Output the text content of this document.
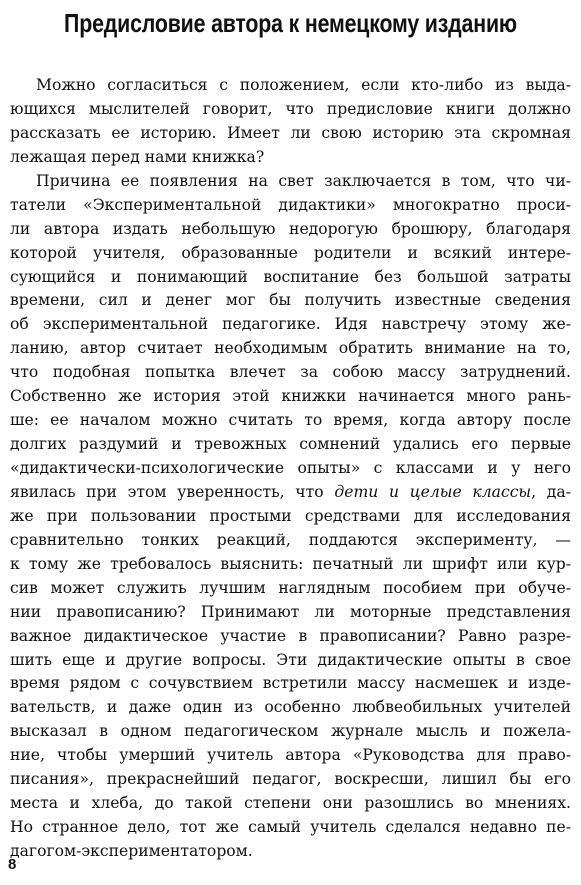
Предисловие автора к немецкому изданию
Можно согласиться с положением, если кто-либо из выда-
ющихся мыслителей говорит, что предисловие книги должно
рассказать ее историю. Имеет ли свою историю эта скромная
лежащая перед нами книжка?
Причина ее появления на свет заключается в том, что чи-
татели «Экспериментальной дидактики» многократно проси-
ли автора издать небольшую недорогую брошюру, благодаря
которой учителя, образованные родители и всякий интере-
сующийся и понимающий воспитание без большой затраты
времени, сил и денег мог бы получить известные сведения
об экспериментальной педагогике. Идя навстречу этому же-
ланию, автор считает необходимым обратить внимание на то,
что подобная попытка влечет за собою массу затруднений.
Собственно же история этой книжки начинается много рань-
ше: ее началом можно считать то время, когда автору после
долгих раздумий и тревожных сомнений удались его первые
«дидактически-психологические опыты» с классами и у него
явилась при этом уверенность, что дети и целые классы, да-
же при пользовании простыми средствами для исследования
сравнительно тонких реакций, поддаются эксперименту, —
к тому же требовалось выяснить: печатный ли шрифт или кур-
сив может служить лучшим наглядным пособием при обуче-
нии правописанию? Принимают ли моторные представления
важное дидактическое участие в правописании? Равно разре-
шить еще и другие вопросы. Эти дидактические опыты в свое
время рядом с сочувствием встретили массу насмешек и изде-
вательств, и даже один из особенно любвеобильных учителей
высказал в одном педагогическом журнале мысль и пожела-
ние, чтобы умерший учитель автора «Руководства для право-
писания», прекраснейший педагог, воскресши, лишил бы его
места и хлеба, до такой степени они разошлись во мнениях.
Но странное дело, тот же самый учитель сделался недавно пе-
дагогом-экспериментатором.
8
